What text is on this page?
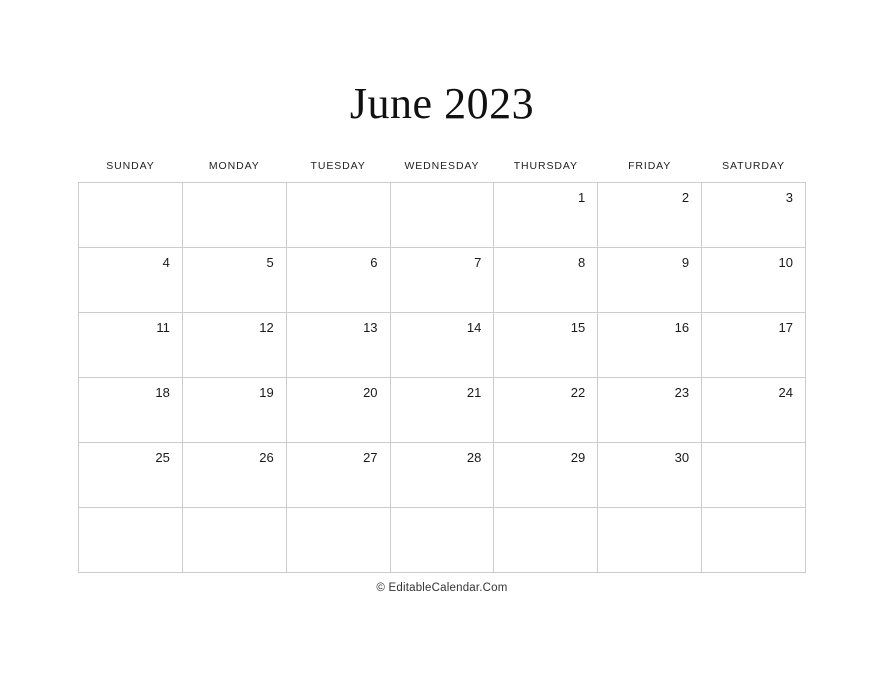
June 2023
SUNDAY	MONDAY	TUESDAY	WEDNESDAY	THURSDAY	FRIDAY	SATURDAY

				1	2	3

4	5	6	7	8	9	10

11	12	13	14	15	16	17

18	19	20	21	22	23	24

25	26	27	28	29	30	

© EditableCalendar.Com
